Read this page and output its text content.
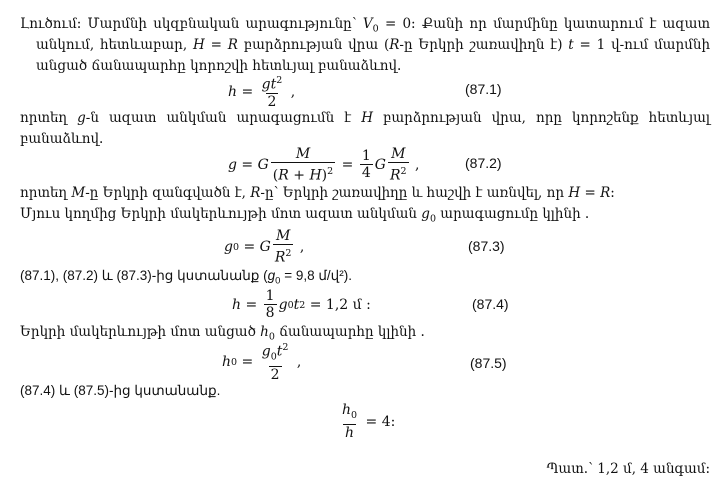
Լուծում: Մարմնի սկզբնական արագությունը՝ $V_0 = 0$: Քանի որ մարմինը կատարում է ազատ
անկում, հետևաբար, H = R բարձրության վրա (R-ը Երկրի շառավիղն է) t = 1 վ-ում մարմնի
անցած ճանապարհը կորոշվի հետևյալ բանաձևով.
$h = \frac{gt^2}{2}$ ,	(87.1)
որտեղ g-ն ազատ անկման արագացումն է H բարձրության վրա, որը կորոշենք հետևյալ
բանաձևով.
g = G $\frac{M}{(R + H)^2} = \frac{1}{4}$ G $\frac{M}{R^2}$ ,	(87.2)
որտեղ M-ը Երկրի զանգվածն է, R-ը՝ Երկրի շառավիղը և հաշվի է առնվել, որ H = R:
Մյուս կողմից Երկրի մակերևույթի մոտ ազատ անկման $g_0$ արագացումը կլինի .
g 0 = G $\frac{M}{R^2}$ ,	(87.3)
(87.1), (87.2) և (87.3)-ից կստանանք ($g_0 = 9,8$ մ/վ²).
$h = \frac{1}{8}$ g 0 t 2
= 1,2 մ :	(87.4)
Երկրի մակերևույթի մոտ անցած $h_0$ ճանապարհը կլինի .
h $0 = \frac{g_0t^2}{2}$ ,	(87.5)
(87.4) և (87.5)-ից կստանանք.
$\frac{h_0}{h}$
= 4:
Պատ.՝ 1,2 մ, 4 անգամ:
